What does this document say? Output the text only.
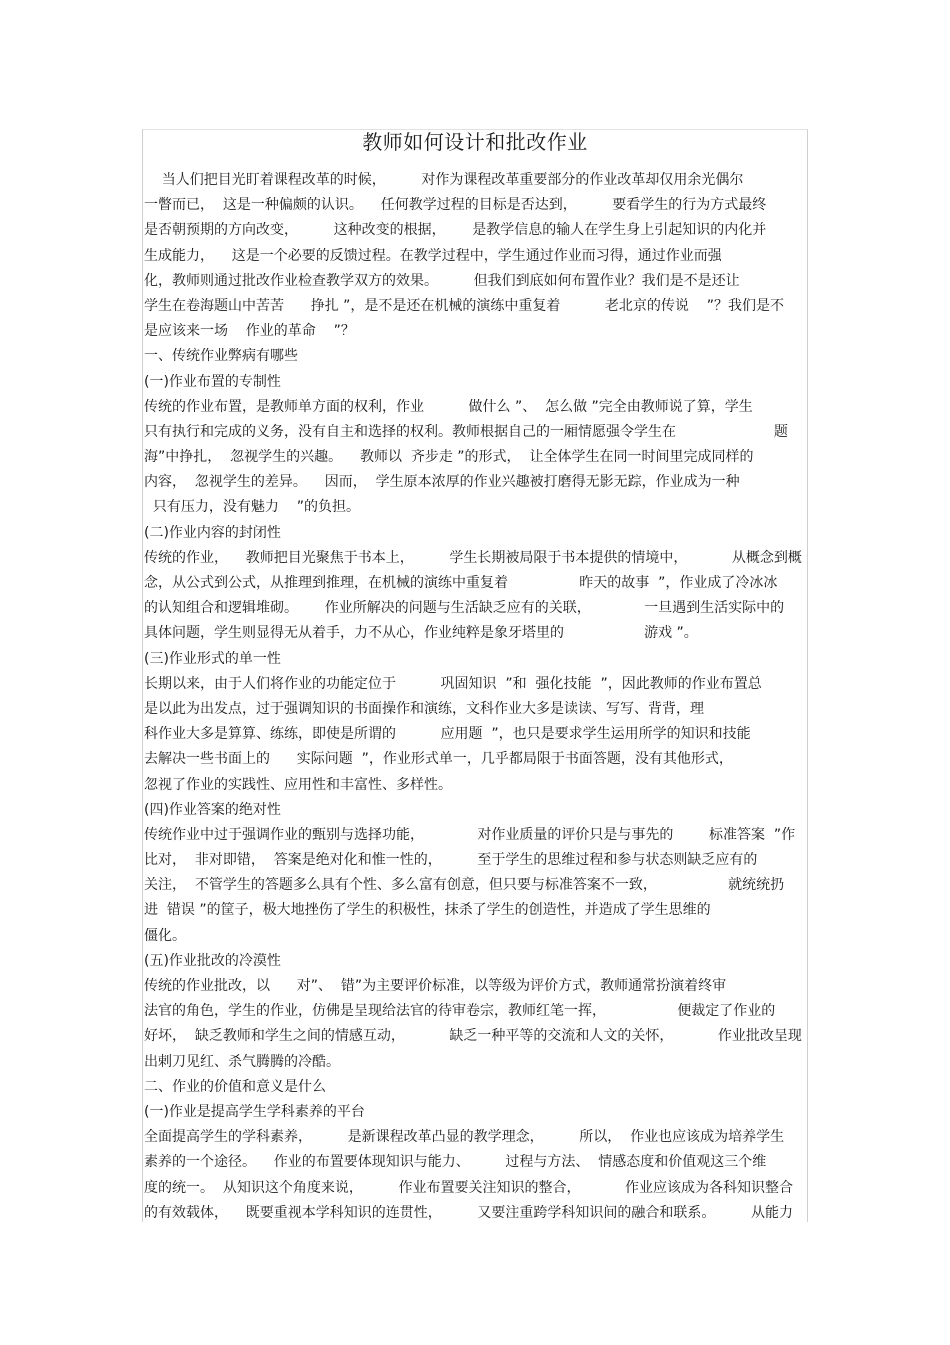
教师如何设计和批改作业
当人们把目光盯着课程改革的时候，        对作为课程改革重要部分的作业改革却仅用余光偶尔
一瞥而已，  这是一种偏颇的认识。    任何教学过程的目标是否达到，        要看学生的行为方式最终
是否朝预期的方向改变，        这种改变的根据，      是教学信息的输人在学生身上引起知识的内化并
生成能力，    这是一个必要的反馈过程。在教学过程中，学生通过作业而习得，通过作业而强
化，教师则通过批改作业检查教学双方的效果。        但我们到底如何布置作业？我们是不是还让
学生在卷海题山中苦苦      挣扎 ”，是不是还在机械的演练中重复着          老北京的传说    ”？我们是不
是应该来一场    作业的革命    ”？
一、传统作业弊病有哪些
(一)作业布置的专制性
传统的作业布置，是教师单方面的权利，作业          做什么 ”、  怎么做 ”完全由教师说了算，学生
只有执行和完成的义务，没有自主和选择的权利。教师根据自己的一厢情愿强令学生在                      题
海”中挣扎，  忽视学生的兴趣。    教师以  齐步走 ”的形式，  让全体学生在同一时间里完成同样的
内容，  忽视学生的差异。    因而，  学生原本浓厚的作业兴趣被打磨得无影无踪，作业成为一种
只有压力，没有魅力    ”的负担。
(二)作业内容的封闭性
传统的作业，    教师把目光聚焦于书本上，        学生长期被局限于书本提供的情境中，          从概念到概
念，从公式到公式，从推理到推理，在机械的演练中重复着                昨天的故事  ”，作业成了冷冰冰
的认知组合和逻辑堆砌。      作业所解决的问题与生活缺乏应有的关联，            一旦遇到生活实际中的
具体问题，学生则显得无从着手，力不从心，作业纯粹是象牙塔里的                  游戏 ”。
(三)作业形式的单一性
长期以来，由于人们将作业的功能定位于          巩固知识  ”和  强化技能  ”，因此教师的作业布置总
是以此为出发点，过于强调知识的书面操作和演练，文科作业大多是读读、写写、背背，理
科作业大多是算算、练练，即使是所谓的          应用题  ”，也只是要求学生运用所学的知识和技能
去解决一些书面上的      实际问题  ”，作业形式单一，几乎都局限于书面答题，没有其他形式，
忽视了作业的实践性、应用性和丰富性、多样性。
(四)作业答案的绝对性
传统作业中过于强调作业的甄别与选择功能，            对作业质量的评价只是与事先的        标准答案  ”作
比对，  非对即错，  答案是绝对化和惟一性的，        至于学生的思维过程和参与状态则缺乏应有的
关注，  不管学生的答题多么具有个性、多么富有创意，但只要与标准答案不一致，                就统统扔
进  错误 ”的筐子，极大地挫伤了学生的积极性，抹杀了学生的创造性，并造成了学生思维的
僵化。
(五)作业批改的冷漠性
传统的作业批改，以      对”、  错”为主要评价标准，以等级为评价方式，教师通常扮演着终审
法官的角色，学生的作业，仿佛是呈现给法官的待审卷宗，教师红笔一挥，                便裁定了作业的
好坏，  缺乏教师和学生之间的情感互动，          缺乏一种平等的交流和人文的关怀，          作业批改呈现
出剌刀见红、杀气腾腾的冷酷。
二、作业的价值和意义是什么
(一)作业是提高学生学科素养的平台
全面提高学生的学科素养，        是新课程改革凸显的教学理念，        所以，  作业也应该成为培养学生
素养的一个途径。    作业的布置要体现知识与能力、        过程与方法、  情感态度和价值观这三个维
度的统一。  从知识这个角度来说，        作业布置要关注知识的整合，          作业应该成为各科知识整合
的有效载体，    既要重视本学科知识的连贯性，        又要注重跨学科知识间的融合和联系。        从能力
